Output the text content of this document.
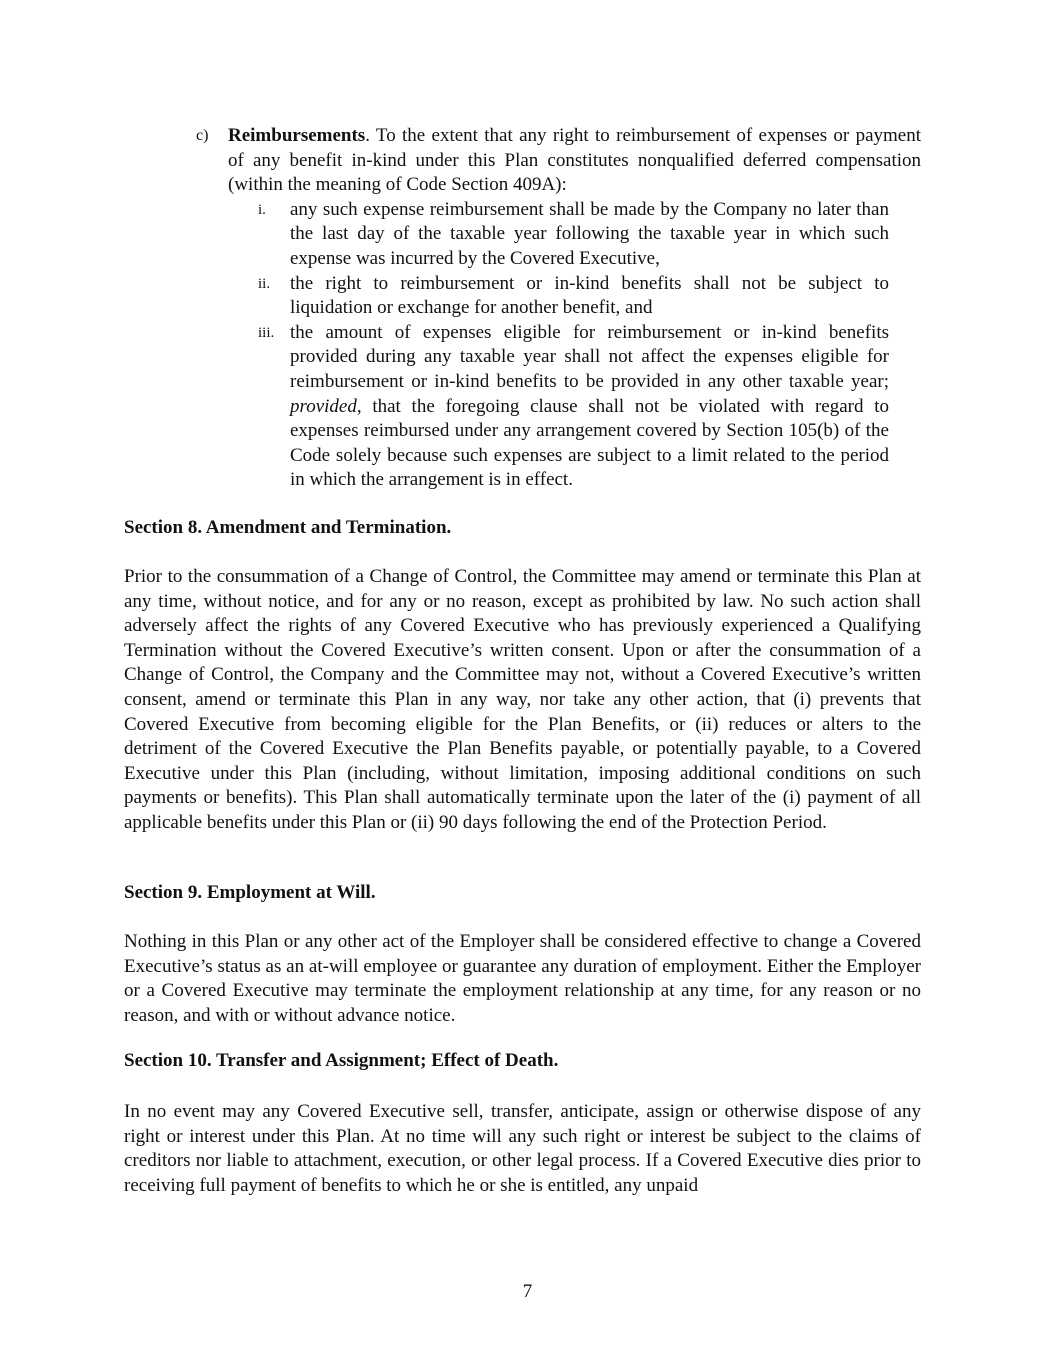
c) Reimbursements. To the extent that any right to reimbursement of expenses or payment of any benefit in-kind under this Plan constitutes nonqualified deferred compensation (within the meaning of Code Section 409A):
i. any such expense reimbursement shall be made by the Company no later than the last day of the taxable year following the taxable year in which such expense was incurred by the Covered Executive,
ii. the right to reimbursement or in-kind benefits shall not be subject to liquidation or exchange for another benefit, and
iii. the amount of expenses eligible for reimbursement or in-kind benefits provided during any taxable year shall not affect the expenses eligible for reimbursement or in-kind benefits to be provided in any other taxable year; provided, that the foregoing clause shall not be violated with regard to expenses reimbursed under any arrangement covered by Section 105(b) of the Code solely because such expenses are subject to a limit related to the period in which the arrangement is in effect.
Section 8. Amendment and Termination.
Prior to the consummation of a Change of Control, the Committee may amend or terminate this Plan at any time, without notice, and for any or no reason, except as prohibited by law. No such action shall adversely affect the rights of any Covered Executive who has previously experienced a Qualifying Termination without the Covered Executive’s written consent. Upon or after the consummation of a Change of Control, the Company and the Committee may not, without a Covered Executive’s written consent, amend or terminate this Plan in any way, nor take any other action, that (i) prevents that Covered Executive from becoming eligible for the Plan Benefits, or (ii) reduces or alters to the detriment of the Covered Executive the Plan Benefits payable, or potentially payable, to a Covered Executive under this Plan (including, without limitation, imposing additional conditions on such payments or benefits). This Plan shall automatically terminate upon the later of the (i) payment of all applicable benefits under this Plan or (ii) 90 days following the end of the Protection Period.
Section 9. Employment at Will.
Nothing in this Plan or any other act of the Employer shall be considered effective to change a Covered Executive’s status as an at-will employee or guarantee any duration of employment. Either the Employer or a Covered Executive may terminate the employment relationship at any time, for any reason or no reason, and with or without advance notice.
Section 10. Transfer and Assignment; Effect of Death.
In no event may any Covered Executive sell, transfer, anticipate, assign or otherwise dispose of any right or interest under this Plan. At no time will any such right or interest be subject to the claims of creditors nor liable to attachment, execution, or other legal process. If a Covered Executive dies prior to receiving full payment of benefits to which he or she is entitled, any unpaid
7
